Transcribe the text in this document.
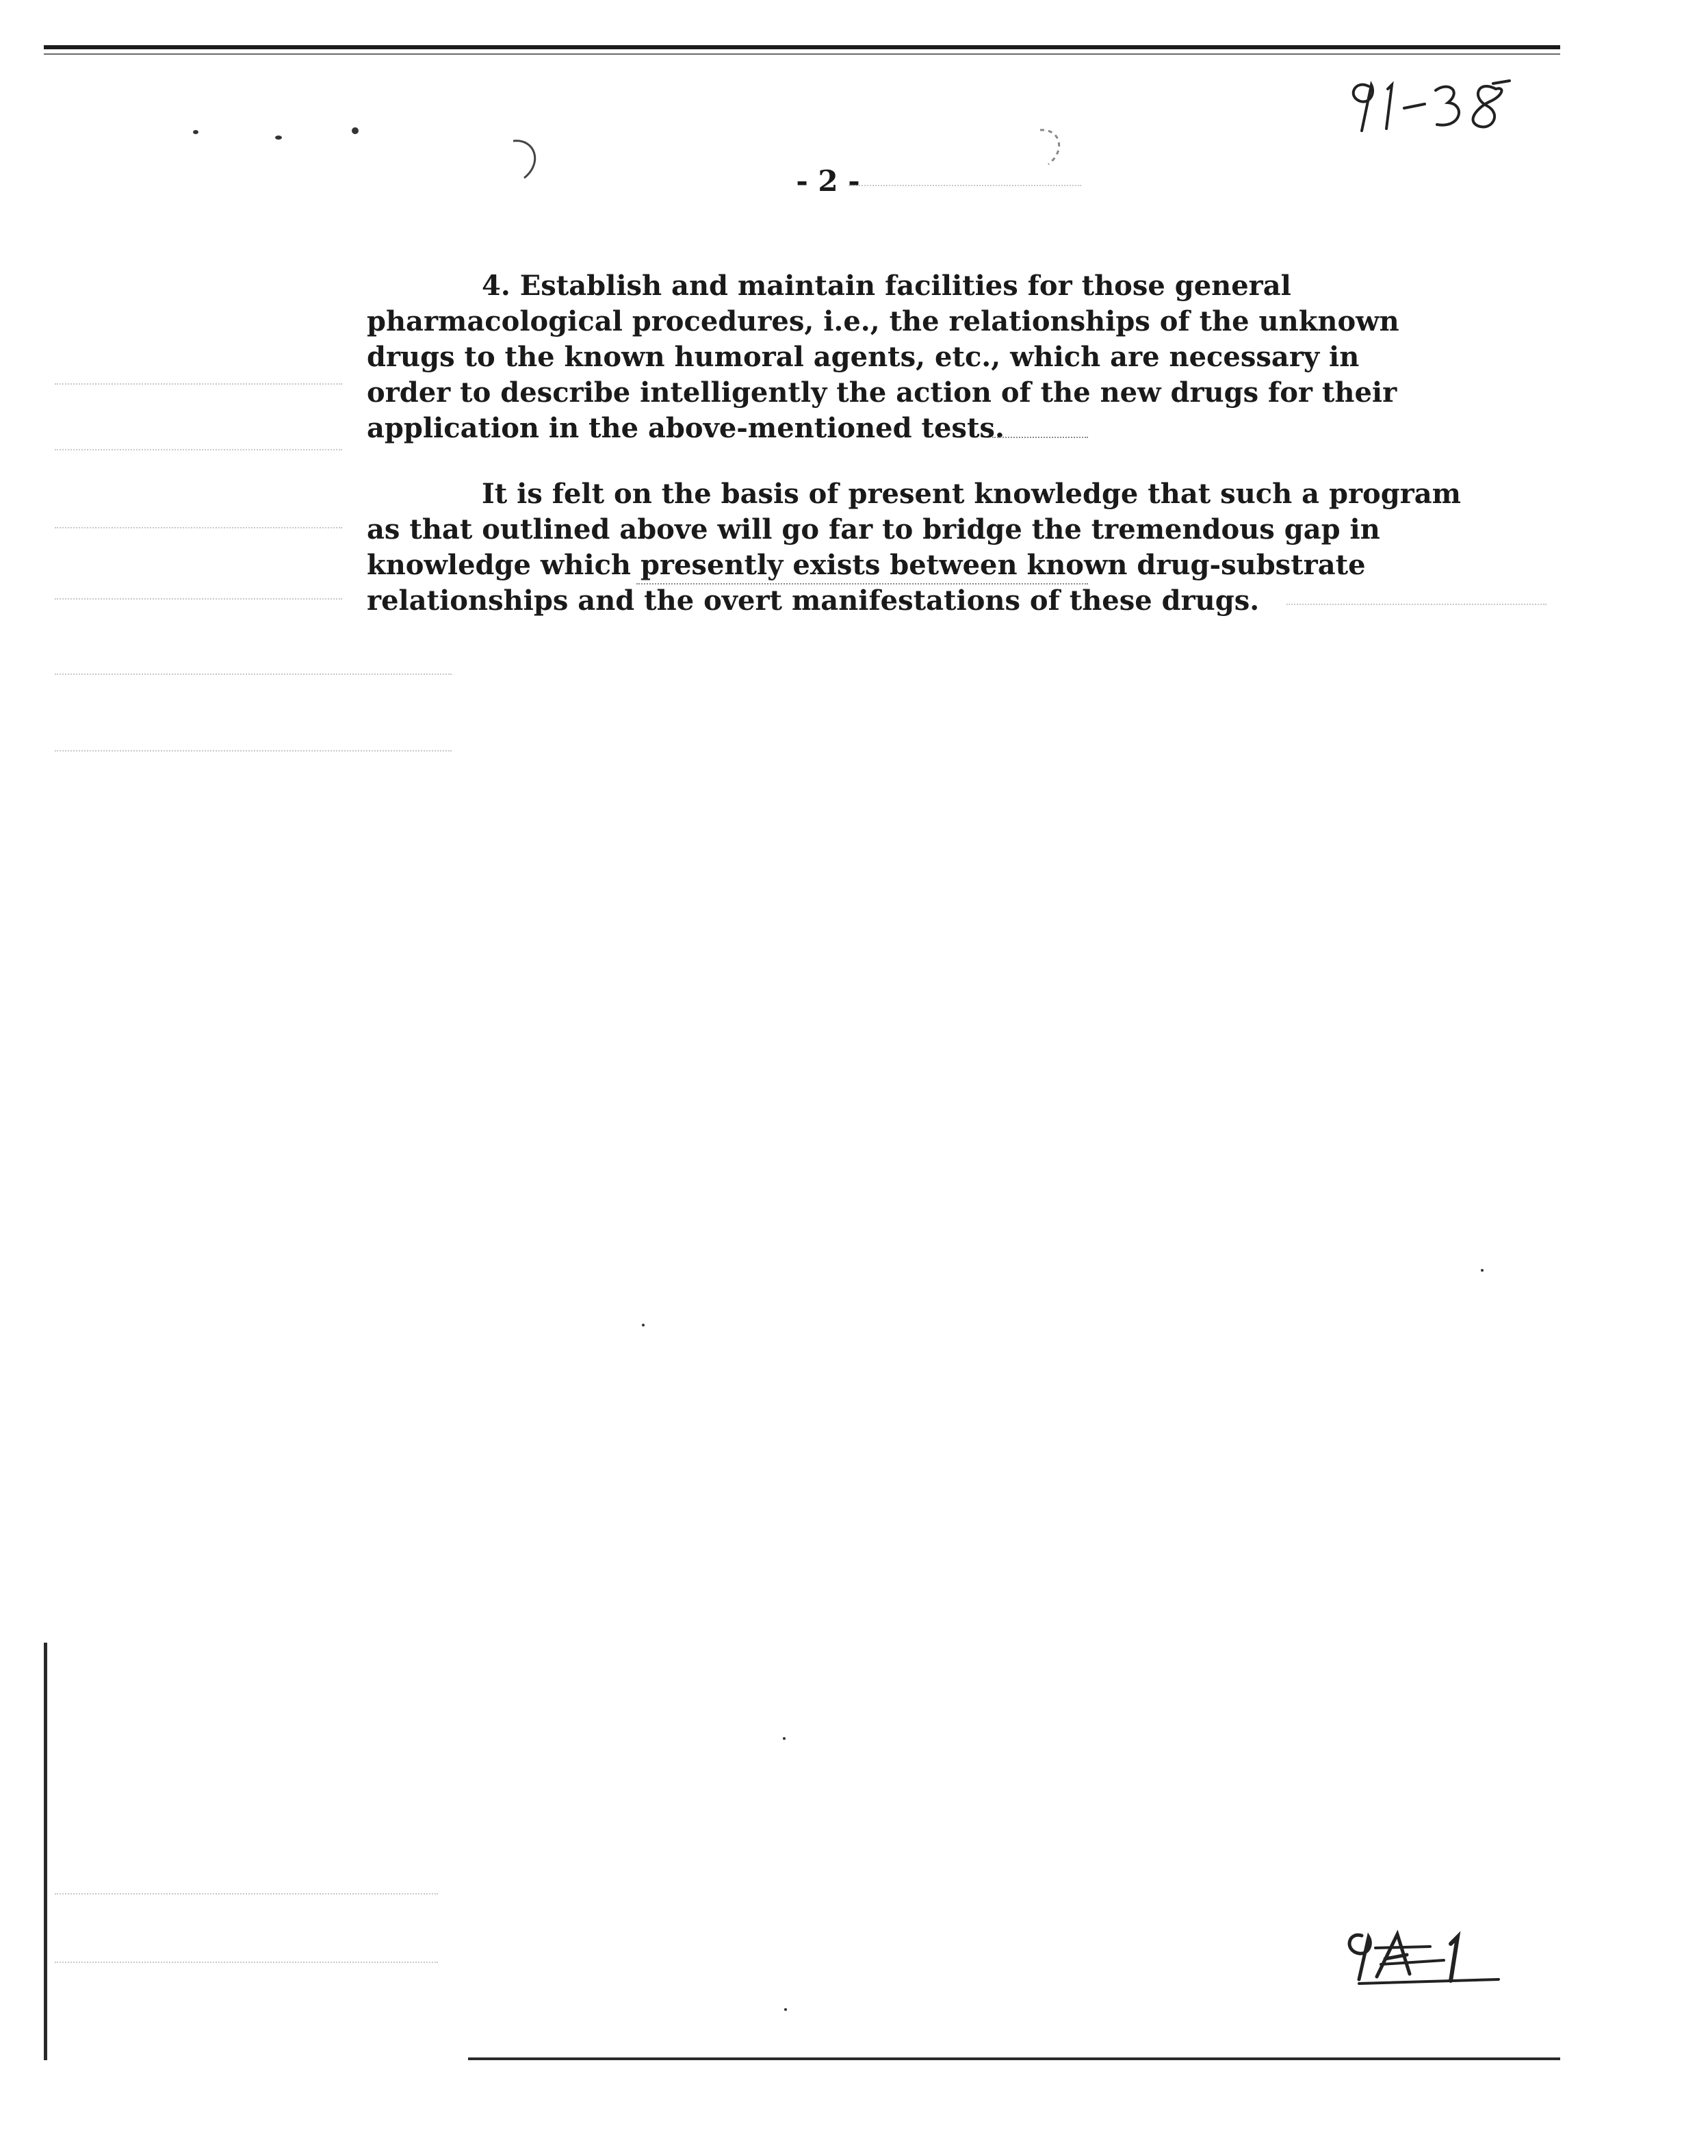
- 2 -
4. Establish and maintain facilities for those general
pharmacological procedures, i.e., the relationships of the unknown
drugs to the known humoral agents, etc., which are necessary in
order to describe intelligently the action of the new drugs for their
application in the above-mentioned tests.
It is felt on the basis of present knowledge that such a program
as that outlined above will go far to bridge the tremendous gap in
knowledge which presently exists between known drug-substrate
relationships and the overt manifestations of these drugs.
